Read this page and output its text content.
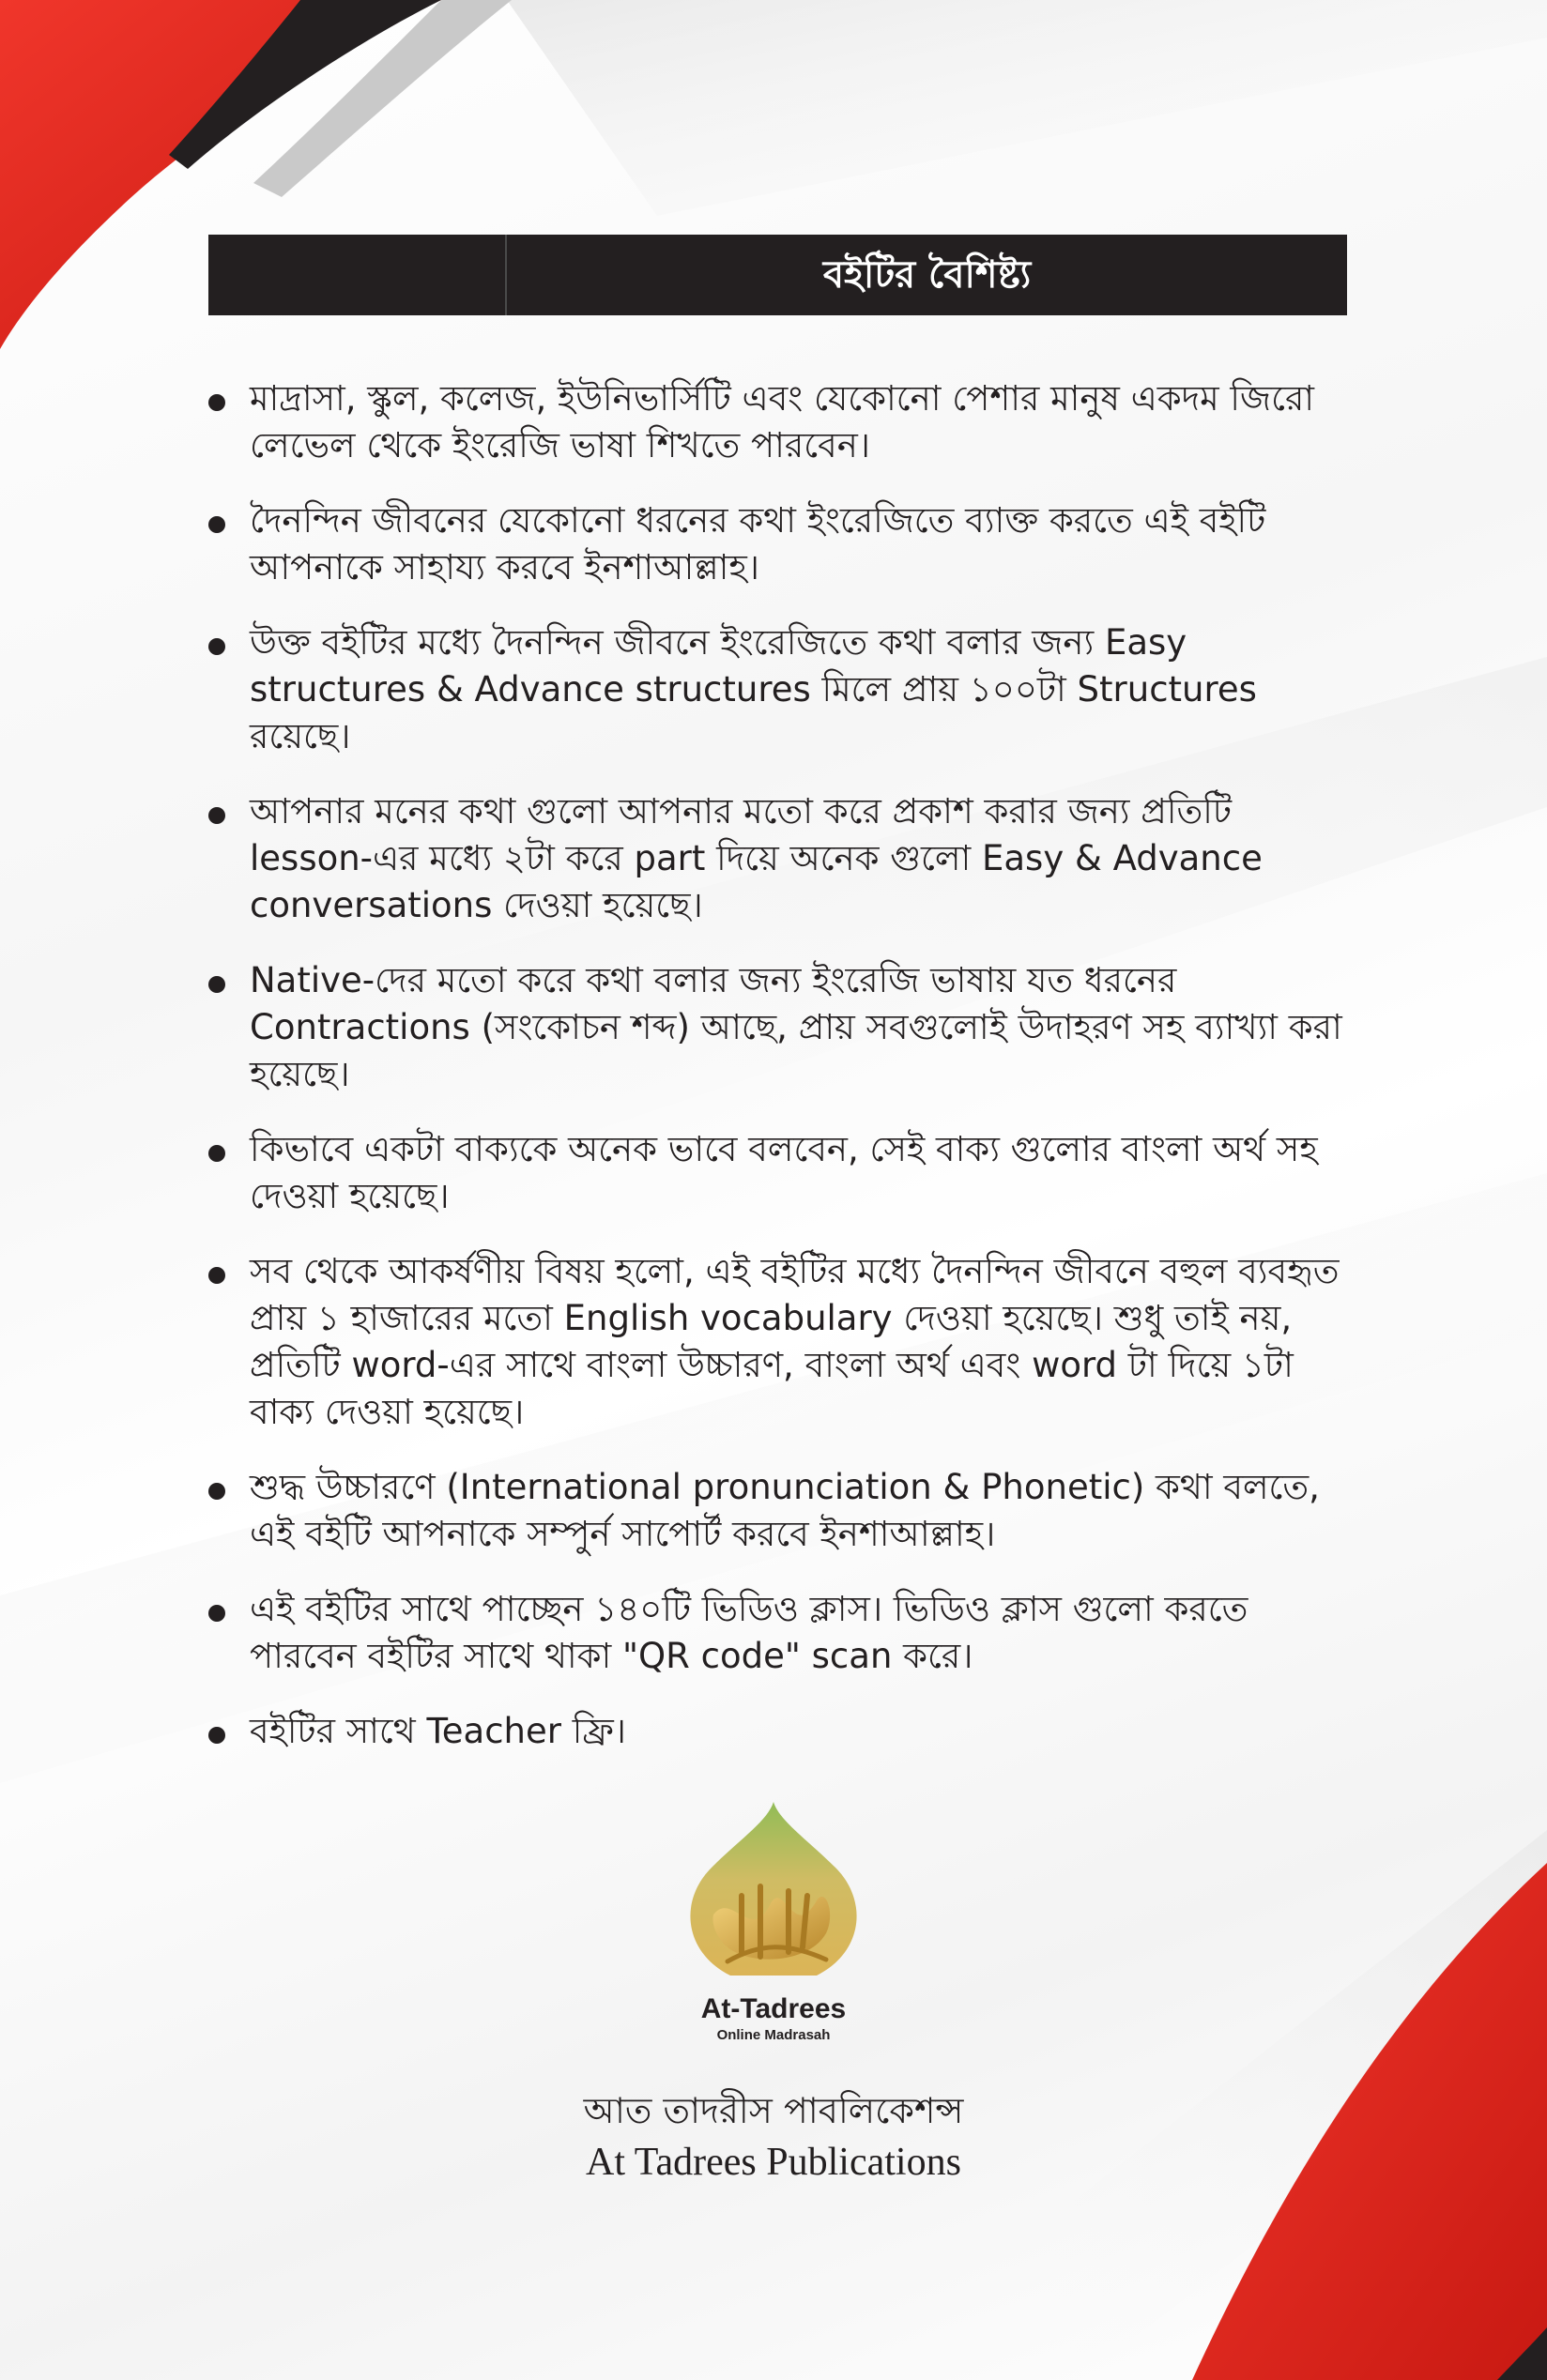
বইটির বৈশিষ্ট্য
মাদ্রাসা, স্কুল, কলেজ, ইউনিভার্সিটি এবং যেকোনো পেশার মানুষ একদম জিরো লেভেল থেকে ইংরেজি ভাষা শিখতে পারবেন।
দৈনন্দিন জীবনের যেকোনো ধরনের কথা ইংরেজিতে ব্যাক্ত করতে এই বইটি আপনাকে সাহায্য করবে ইনশাআল্লাহ।
উক্ত বইটির মধ্যে দৈনন্দিন জীবনে ইংরেজিতে কথা বলার জন্য Easy structures & Advance structures মিলে প্রায় ১০০টা Structures রয়েছে।
আপনার মনের কথা গুলো আপনার মতো করে প্রকাশ করার জন্য প্রতিটি lesson-এর মধ্যে ২টা করে part দিয়ে অনেক গুলো Easy & Advance conversations দেওয়া হয়েছে।
Native-দের মতো করে কথা বলার জন্য ইংরেজি ভাষায় যত ধরনের Contractions (সংকোচন শব্দ) আছে, প্রায় সবগুলোই উদাহরণ সহ ব্যাখ্যা করা হয়েছে।
কিভাবে একটা বাক্যকে অনেক ভাবে বলবেন, সেই বাক্য গুলোর বাংলা অর্থ সহ দেওয়া হয়েছে।
সব থেকে আকর্ষণীয় বিষয় হলো, এই বইটির মধ্যে দৈনন্দিন জীবনে বহুল ব্যবহৃত প্রায় ১ হাজারের মতো English vocabulary দেওয়া হয়েছে। শুধু তাই নয়, প্রতিটি word-এর সাথে বাংলা উচ্চারণ, বাংলা অর্থ এবং word টা দিয়ে ১টা বাক্য দেওয়া হয়েছে।
শুদ্ধ উচ্চারণে (International pronunciation & Phonetic) কথা বলতে, এই বইটি আপনাকে সম্পুর্ন সাপোর্ট করবে ইনশাআল্লাহ।
এই বইটির সাথে পাচ্ছেন ১৪০টি ভিডিও ক্লাস। ভিডিও ক্লাস গুলো করতে পারবেন বইটির সাথে থাকা "QR code" scan করে।
বইটির সাথে Teacher ফ্রি।
At-Tadrees
Online Madrasah
আত তাদরীস পাবলিকেশন্স
At Tadrees Publications
